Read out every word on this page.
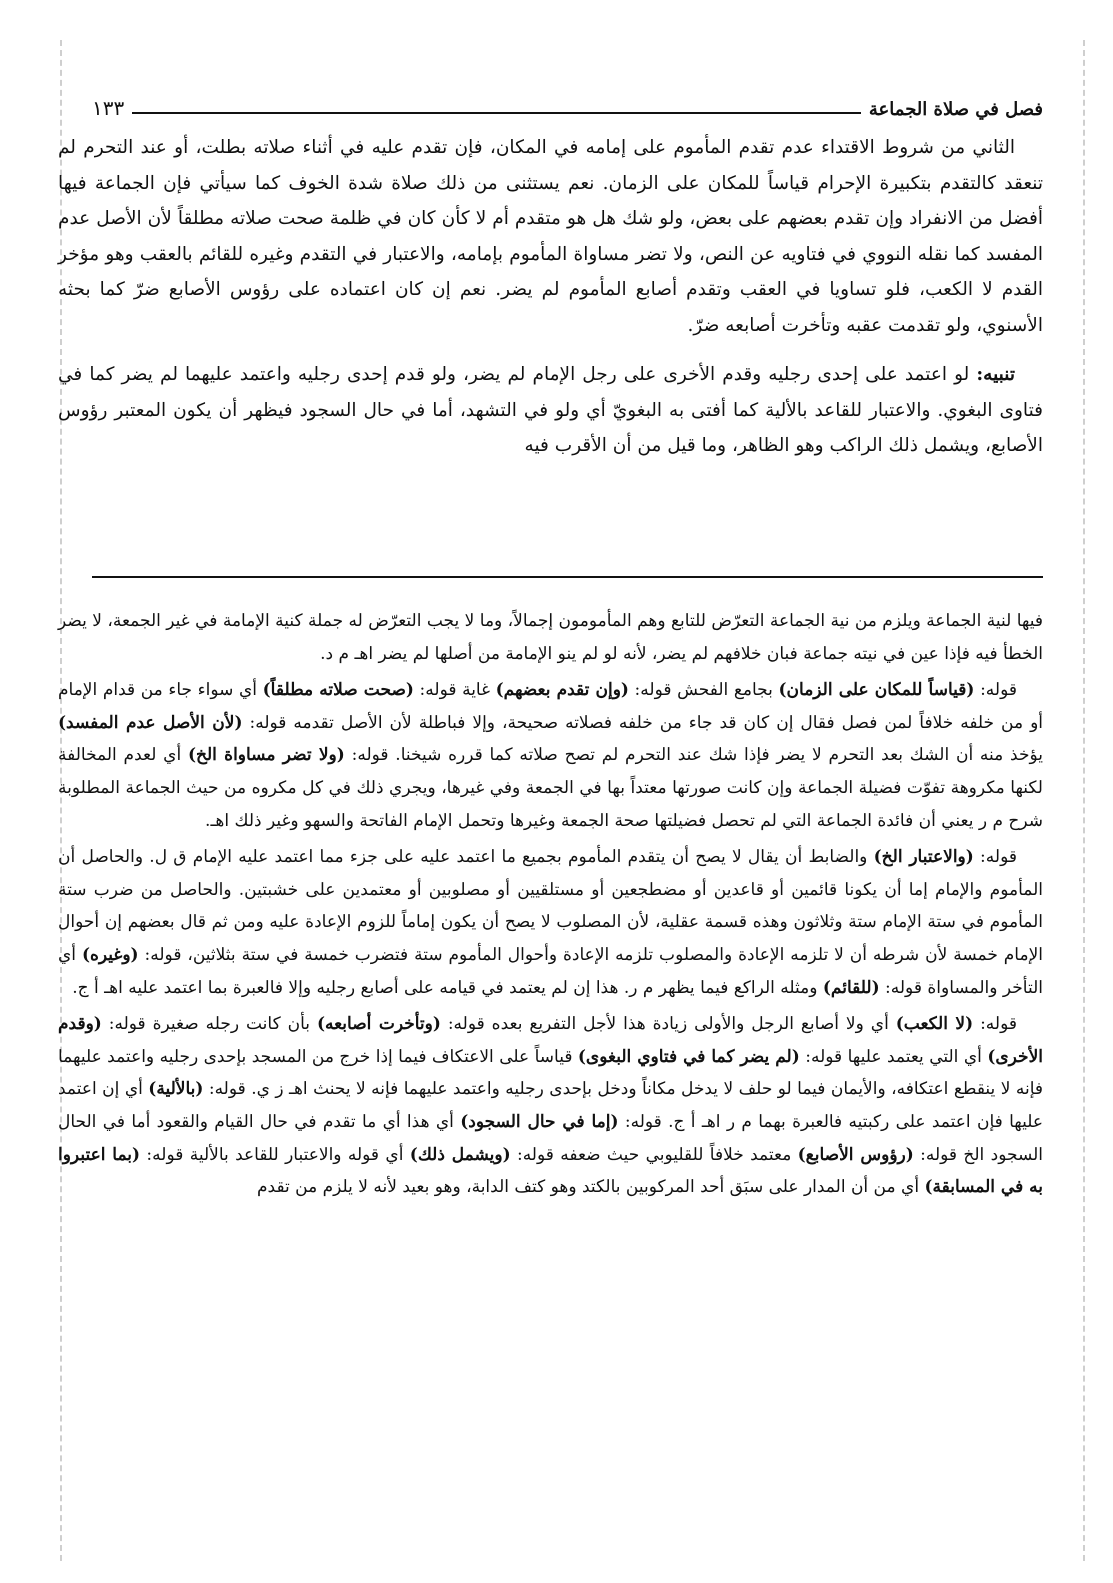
فصل في صلاة الجماعة
١٣٣

الثاني من شروط الاقتداء عدم تقدم المأموم على إمامه في المكان، فإن تقدم عليه في أثناء صلاته بطلت، أو عند التحرم لم تنعقد كالتقدم بتكبيرة الإحرام قياساً للمكان على الزمان. نعم يستثنى من ذلك صلاة شدة الخوف كما سيأتي فإن الجماعة فيها أفضل من الانفراد وإن تقدم بعضهم على بعض، ولو شك هل هو متقدم أم لا كأن كان في ظلمة صحت صلاته مطلقاً لأن الأصل عدم المفسد كما نقله النووي في فتاويه عن النص، ولا تضر مساواة المأموم بإمامه، والاعتبار في التقدم وغيره للقائم بالعقب وهو مؤخر القدم لا الكعب، فلو تساويا في العقب وتقدم أصابع المأموم لم يضر. نعم إن كان اعتماده على رؤوس الأصابع ضرّ كما بحثه الأسنوي، ولو تقدمت عقبه وتأخرت أصابعه ضرّ.

تنبيه: لو اعتمد على إحدى رجليه وقدم الأخرى على رجل الإمام لم يضر، ولو قدم إحدى رجليه واعتمد عليهما لم يضر كما في فتاوى البغوي. والاعتبار للقاعد بالألية كما أفتى به البغويّ أي ولو في التشهد، أما في حال السجود فيظهر أن يكون المعتبر رؤوس الأصابع، ويشمل ذلك الراكب وهو الظاهر، وما قيل من أن الأقرب فيه

فيها لنية الجماعة ويلزم من نية الجماعة التعرّض للتابع وهم المأمومون إجمالاً، وما لا يجب التعرّض له جملة كنية الإمامة في غير الجمعة، لا يضر الخطأ فيه فإذا عين في نيته جماعة فبان خلافهم لم يضر، لأنه لو لم ينو الإمامة من أصلها لم يضر اهـ م د.

قوله: (قياساً للمكان على الزمان) بجامع الفحش قوله: (وإن تقدم بعضهم) غاية قوله: (صحت صلاته مطلقاً) أي سواء جاء من قدام الإمام أو من خلفه خلافاً لمن فصل فقال إن كان قد جاء من خلفه فصلاته صحيحة، وإلا فباطلة لأن الأصل تقدمه قوله: (لأن الأصل عدم المفسد) يؤخذ منه أن الشك بعد التحرم لا يضر فإذا شك عند التحرم لم تصح صلاته كما قرره شيخنا. قوله: (ولا تضر مساواة الخ) أي لعدم المخالفة لكنها مكروهة تفوّت فضيلة الجماعة وإن كانت صورتها معتداً بها في الجمعة وفي غيرها، ويجري ذلك في كل مكروه من حيث الجماعة المطلوبة شرح م ر يعني أن فائدة الجماعة التي لم تحصل فضيلتها صحة الجمعة وغيرها وتحمل الإمام الفاتحة والسهو وغير ذلك اهـ.

قوله: (والاعتبار الخ) والضابط أن يقال لا يصح أن يتقدم المأموم بجميع ما اعتمد عليه على جزء مما اعتمد عليه الإمام ق ل. والحاصل أن المأموم والإمام إما أن يكونا قائمين أو قاعدين أو مضطجعين أو مستلقيين أو مصلوبين أو معتمدين على خشبتين. والحاصل من ضرب ستة المأموم في ستة الإمام ستة وثلاثون وهذه قسمة عقلية، لأن المصلوب لا يصح أن يكون إماماً للزوم الإعادة عليه ومن ثم قال بعضهم إن أحوال الإمام خمسة لأن شرطه أن لا تلزمه الإعادة والمصلوب تلزمه الإعادة وأحوال المأموم ستة فتضرب خمسة في ستة بثلاثين، قوله: (وغيره) أي التأخر والمساواة قوله: (للقائم) ومثله الراكع فيما يظهر م ر. هذا إن لم يعتمد في قيامه على أصابع رجليه وإلا فالعبرة بما اعتمد عليه اهـ أ ج.

قوله: (لا الكعب) أي ولا أصابع الرجل والأولى زيادة هذا لأجل التفريع بعده قوله: (وتأخرت أصابعه) بأن كانت رجله صغيرة قوله: (وقدم الأخرى) أي التي يعتمد عليها قوله: (لم يضر كما في فتاوي البغوى) قياساً على الاعتكاف فيما إذا خرج من المسجد بإحدى رجليه واعتمد عليهما فإنه لا ينقطع اعتكافه، والأيمان فيما لو حلف لا يدخل مكاناً ودخل بإحدى رجليه واعتمد عليهما فإنه لا يحنث اهـ ز ي. قوله: (بالألية) أي إن اعتمد عليها فإن اعتمد على ركبتيه فالعبرة بهما م ر اهـ أ ج. قوله: (إما في حال السجود) أي هذا أي ما تقدم في حال القيام والقعود أما في الحال السجود الخ قوله: (رؤوس الأصابع) معتمد خلافاً للقليوبي حيث ضعفه قوله: (ويشمل ذلك) أي قوله والاعتبار للقاعد بالألية قوله: (بما اعتبروا به في المسابقة) أي من أن المدار على سبَق أحد المركوبين بالكتد وهو كتف الدابة، وهو بعيد لأنه لا يلزم من تقدم
